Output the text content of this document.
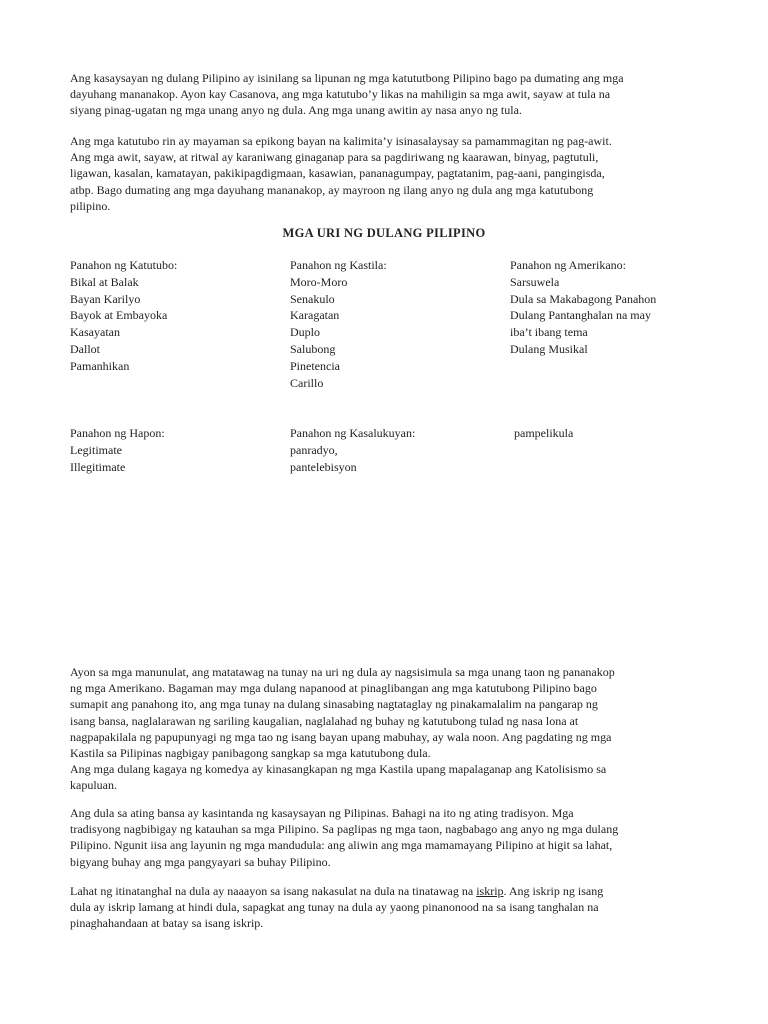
Ang kasaysayan ng dulang Pilipino ay isinilang sa lipunan ng mga katututbong Pilipino bago pa dumating ang mga
dayuhang mananakop. Ayon kay Casanova, ang mga katutubo’y likas na mahiligin sa mga awit, sayaw at tula na
siyang pinag-ugatan ng mga unang anyo ng dula. Ang mga unang awitin ay nasa anyo ng tula.

Ang mga katutubo rin ay mayaman sa epikong bayan na kalimita’y isinasalaysay sa pamammagitan ng pag-awit.
Ang mga awit, sayaw, at ritwal ay karaniwang ginaganap para sa pagdiriwang ng kaarawan, binyag, pagtutuli,
ligawan, kasalan, kamatayan, pakikipagdigmaan, kasawian, pananagumpay, pagtatanim, pag-aani, pangingisda,
atbp. Bago dumating ang mga dayuhang mananakop, ay mayroon ng ilang anyo ng dula ang mga katutubong
pilipino.

MGA URI NG DULANG PILIPINO
Panahon ng Katutubo:
Bikal at Balak
Bayan Karilyo
Bayok at Embayoka
Kasayatan
Dallot
Pamanhikan
Panahon ng Kastila:
Moro-Moro
Senakulo
Karagatan
Duplo
Salubong
Pinetencia
Carillo
Panahon ng Amerikano:
Sarsuwela
Dula sa Makabagong Panahon
Dulang Pantanghalan na may
iba’t ibang tema
Dulang Musikal
Panahon ng Hapon:
Legitimate
Illegitimate
Panahon ng Kasalukuyan:
panradyo,
pantelebisyon
pampelikula

Ayon sa mga manunulat, ang matatawag na tunay na uri ng dula ay nagsisimula sa mga unang taon ng pananakop
ng mga Amerikano. Bagaman may mga dulang napanood at pinaglibangan ang mga katutubong Pilipino bago
sumapit ang panahong ito, ang mga tunay na dulang sinasabing nagtataglay ng pinakamalalim na pangarap ng
isang bansa, naglalarawan ng sariling kaugalian, naglalahad ng buhay ng katutubong tulad ng nasa lona at
nagpapakilala ng papupunyagi ng mga tao ng isang bayan upang mabuhay, ay wala noon. Ang pagdating ng mga
Kastila sa Pilipinas nagbigay panibagong sangkap sa mga katutubong dula.
Ang mga dulang kagaya ng komedya ay kinasangkapan ng mga Kastila upang mapalaganap ang Katolisismo sa
kapuluan.

Ang dula sa ating bansa ay kasintanda ng kasaysayan ng Pilipinas. Bahagi na ito ng ating tradisyon. Mga
tradisyong nagbibigay ng katauhan sa mga Pilipino. Sa paglipas ng mga taon, nagbabago ang anyo ng mga dulang
Pilipino. Ngunit iisa ang layunin ng mga mandudula: ang aliwin ang mga mamamayang Pilipino at higit sa lahat,
bigyang buhay ang mga pangyayari sa buhay Pilipino.

Lahat ng itinatanghal na dula ay naaayon sa isang nakasulat na dula na tinatawag na iskrip. Ang iskrip ng isang
dula ay iskrip lamang at hindi dula, sapagkat ang tunay na dula ay yaong pinanonood na sa isang tanghalan na
pinaghahandaan at batay sa isang iskrip.
